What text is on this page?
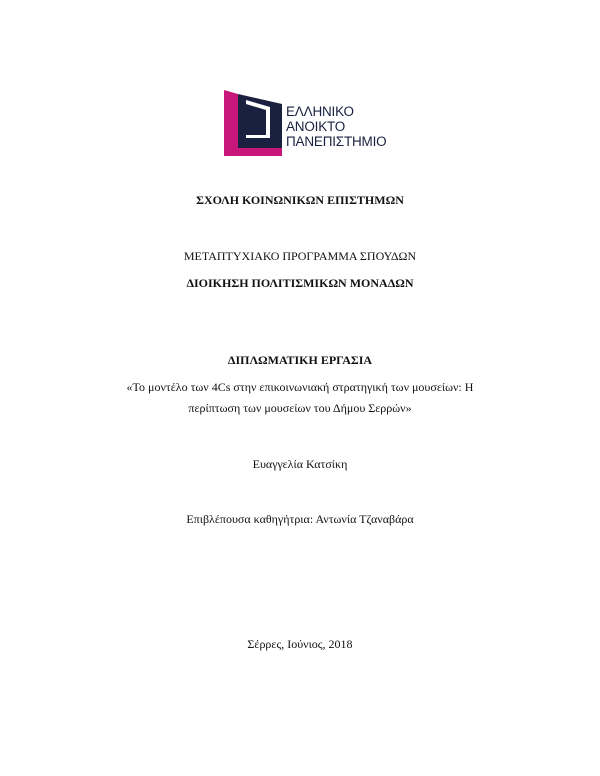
ΕΛΛΗΝΙΚΟ
ΑΝΟΙΚΤΟ
ΠΑΝΕΠΙΣΤΗΜΙΟ
ΣΧΟΛΗ ΚΟΙΝΩΝΙΚΩΝ ΕΠΙΣΤΗΜΩΝ
ΜΕΤΑΠΤΥΧΙΑΚΟ ΠΡΟΓΡΑΜΜΑ ΣΠΟΥΔΩΝ
ΔΙΟΙΚΗΣΗ ΠΟΛΙΤΙΣΜΙΚΩΝ ΜΟΝΑΔΩΝ
ΔΙΠΛΩΜΑΤΙΚΗ ΕΡΓΑΣΙΑ
«Το μοντέλο των 4Cs στην επικοινωνιακή στρατηγική των μουσείων: Η
περίπτωση των μουσείων του Δήμου Σερρών»
Ευαγγελία Κατσίκη
Επιβλέπουσα καθηγήτρια: Αντωνία Τζαναβάρα
Σέρρες, Ιούνιος, 2018
